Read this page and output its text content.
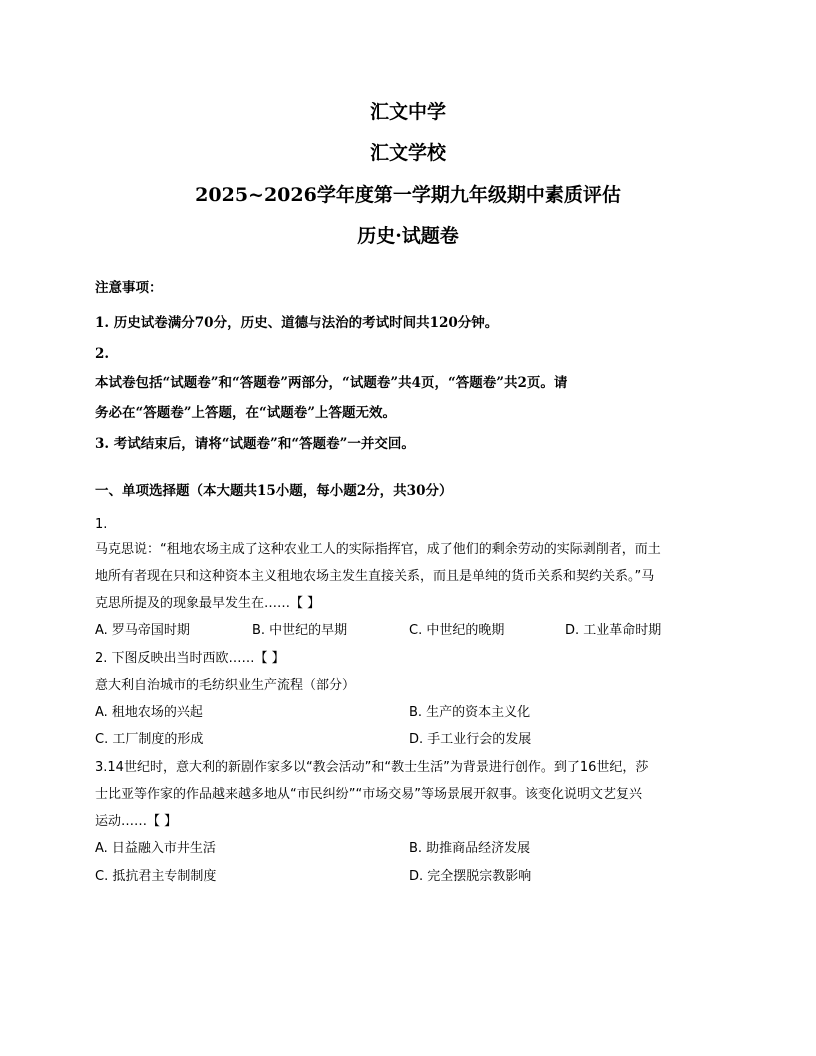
汇文中学
汇文学校
2025~2026学年度第一学期九年级期中素质评估
历史·试题卷
注意事项：
1. 历史试卷满分70分，历史、道德与法治的考试时间共120分钟。
2.
本试卷包括“试题卷”和“答题卷”两部分，“试题卷”共4页，“答题卷”共2页。请
务必在“答题卷”上答题，在“试题卷”上答题无效。
3. 考试结束后，请将“试题卷”和“答题卷”一并交回。
一、单项选择题（本大题共15小题，每小题2分，共30分）
1.
马克思说：“租地农场主成了这种农业工人的实际指挥官，成了他们的剩余劳动的实际剥削者，而土
地所有者现在只和这种资本主义租地农场主发生直接关系，而且是单纯的货币关系和契约关系。”马
克思所提及的现象最早发生在……【 】
A. 罗马帝国时期	B. 中世纪的早期	C. 中世纪的晚期	D. 工业革命时期
2. 下图反映出当时西欧……【 】
意大利自治城市的毛纺织业生产流程（部分）
A. 租地农场的兴起	B. 生产的资本主义化
C. 工厂制度的形成	D. 手工业行会的发展
3.14世纪时，意大利的新剧作家多以“教会活动”和“教士生活”为背景进行创作。到了16世纪，莎
士比亚等作家的作品越来越多地从“市民纠纷”“市场交易”等场景展开叙事。该变化说明文艺复兴
运动……【 】
A. 日益融入市井生活	B. 助推商品经济发展
C. 抵抗君主专制制度	D. 完全摆脱宗教影响
